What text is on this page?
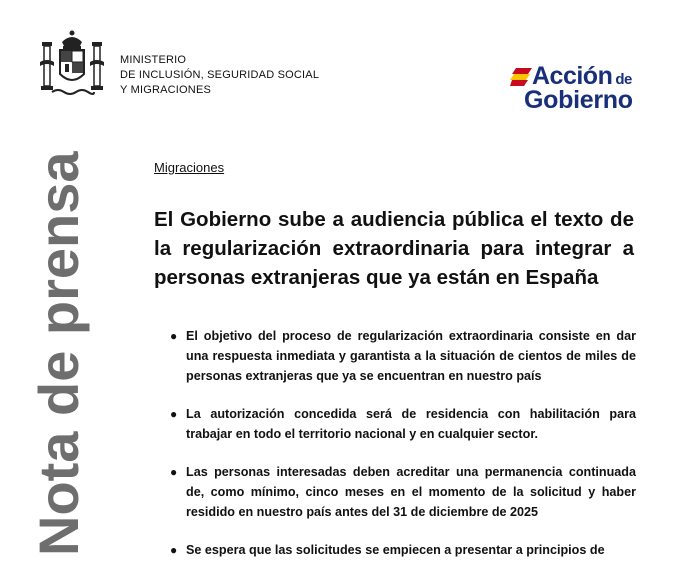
MINISTERIO
DE INCLUSIÓN, SEGURIDAD SOCIAL
Y MIGRACIONES	Acción de
Gobierno
Nota de prensa	Migraciones
El Gobierno sube a audiencia pública el texto de la regularización extraordinaria para integrar a personas extranjeras que ya están en España
● El objetivo del proceso de regularización extraordinaria consiste en dar una respuesta inmediata y garantista a la situación de cientos de miles de personas extranjeras que ya se encuentran en nuestro país
● La autorización concedida será de residencia con habilitación para trabajar en todo el territorio nacional y en cualquier sector.
● Las personas interesadas deben acreditar una permanencia continuada de, como mínimo, cinco meses en el momento de la solicitud y haber residido en nuestro país antes del 31 de diciembre de 2025
● Se espera que las solicitudes se empiecen a presentar a principios de
